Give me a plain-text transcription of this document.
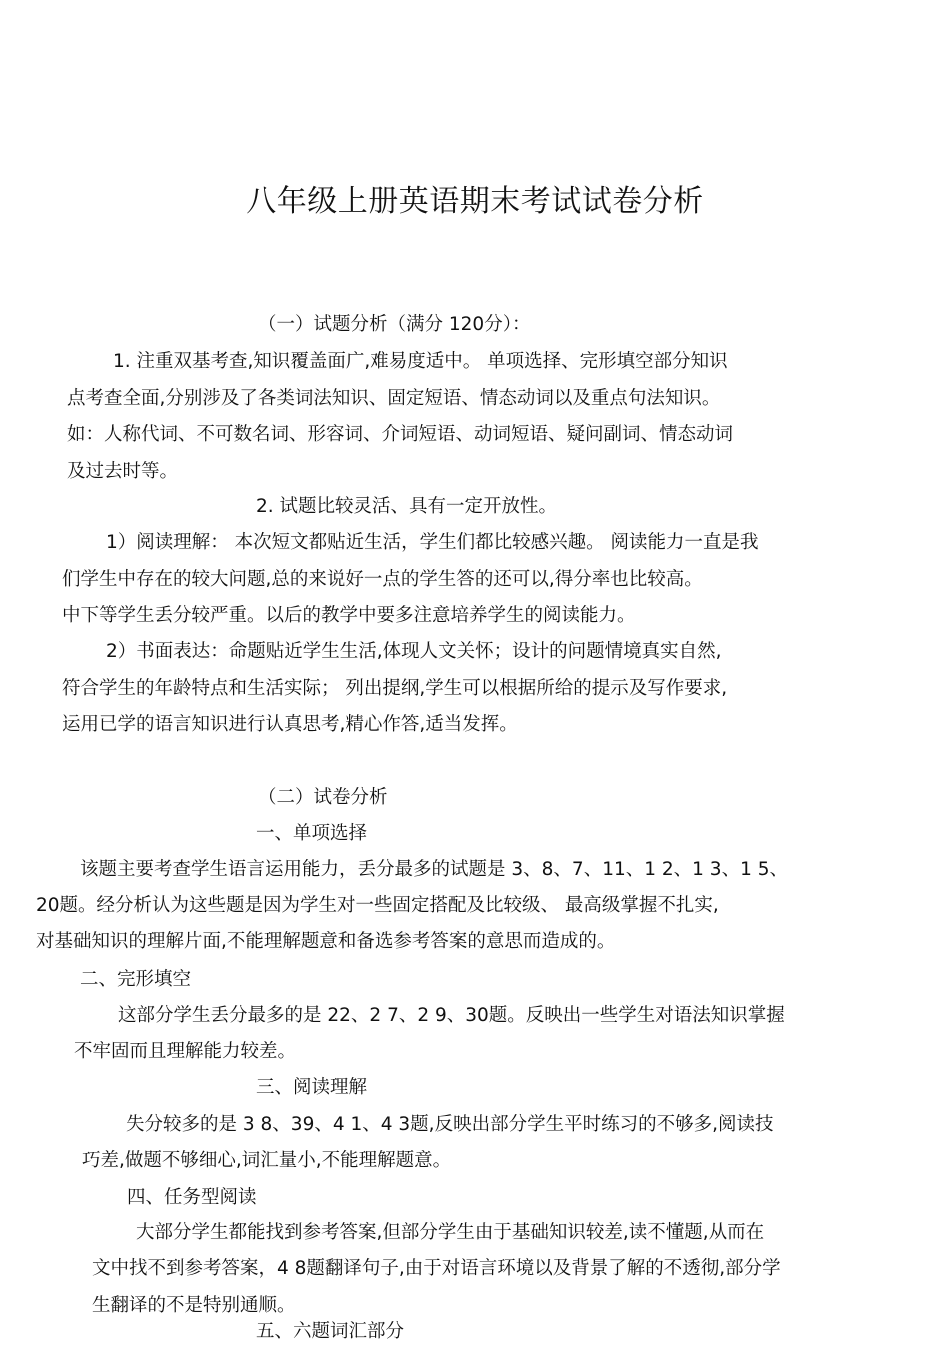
八年级上册英语期末考试试卷分析
（一）试题分析（满分 120分）：
1. 注重双基考查,知识覆盖面广,难易度适中。 单项选择、完形填空部分知识
点考查全面,分别涉及了各类词法知识、固定短语、情态动词以及重点句法知识。
如：人称代词、不可数名词、形容词、介词短语、动词短语、疑问副词、情态动词
及过去时等。
2. 试题比较灵活、具有一定开放性。
1）阅读理解： 本次短文都贴近生活，学生们都比较感兴趣。 阅读能力一直是我
们学生中存在的较大问题,总的来说好一点的学生答的还可以,得分率也比较高。
中下等学生丢分较严重。以后的教学中要多注意培养学生的阅读能力。
2）书面表达：命题贴近学生生活,体现人文关怀；设计的问题情境真实自然,
符合学生的年龄特点和生活实际； 列出提纲,学生可以根据所给的提示及写作要求,
运用已学的语言知识进行认真思考,精心作答,适当发挥。
（二）试卷分析
一、单项选择
该题主要考查学生语言运用能力，丢分最多的试题是 3、8、7、11、1 2、1 3、1 5、
20题。经分析认为这些题是因为学生对一些固定搭配及比较级、 最高级掌握不扎实,
对基础知识的理解片面,不能理解题意和备选参考答案的意思而造成的。
二、完形填空
这部分学生丢分最多的是 22、2 7、2 9、30题。反映出一些学生对语法知识掌握
不牢固而且理解能力较差。
三、阅读理解
失分较多的是 3 8、39、4 1、4 3题,反映出部分学生平时练习的不够多,阅读技
巧差,做题不够细心,词汇量小,不能理解题意。
四、任务型阅读
大部分学生都能找到参考答案,但部分学生由于基础知识较差,读不懂题,从而在
文中找不到参考答案，4 8题翻译句子,由于对语言环境以及背景了解的不透彻,部分学
生翻译的不是特别通顺。
五、六题词汇部分
